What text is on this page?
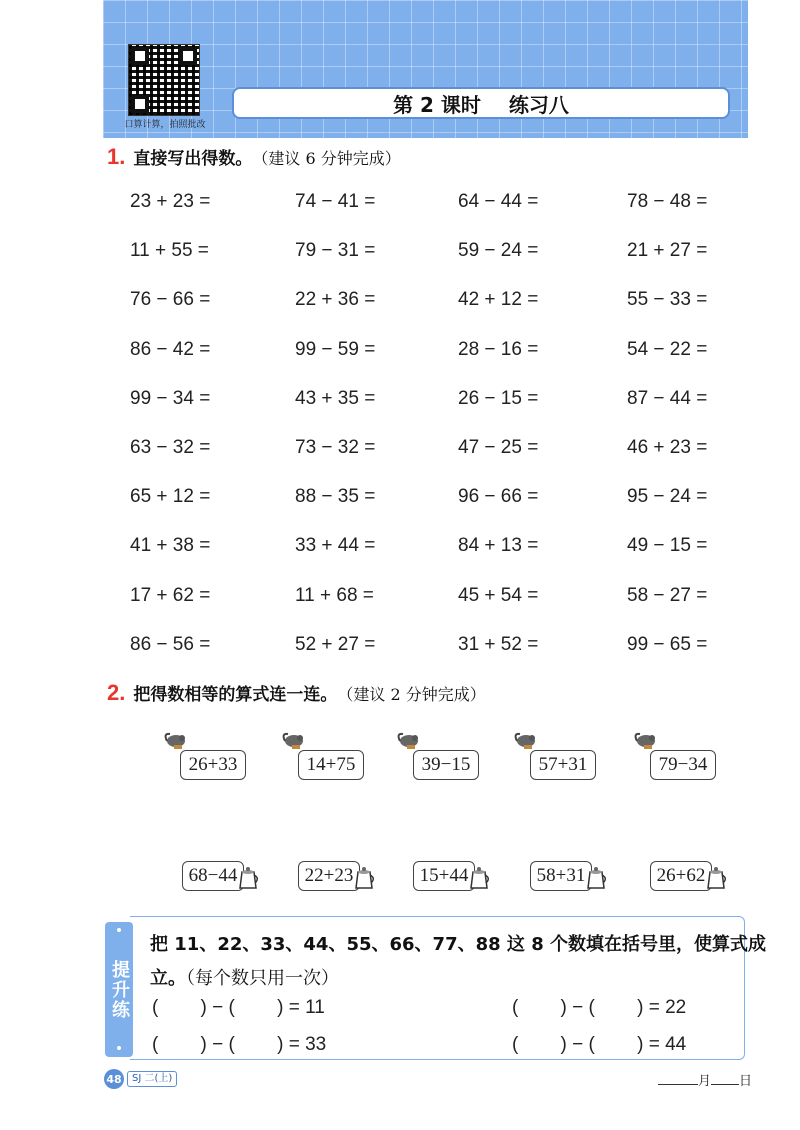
口算计算，拍照批改
第 2 课时 练习八
1. 直接写出得数。 （建议 6 分钟完成）
23 + 23 =	74 − 41 =	64 − 44 =	78 − 48 =
11 + 55 =	79 − 31 =	59 − 24 =	21 + 27 =
76 − 66 =	22 + 36 =	42 + 12 =	55 − 33 =
86 − 42 =	99 − 59 =	28 − 16 =	54 − 22 =
99 − 34 =	43 + 35 =	26 − 15 =	87 − 44 =
63 − 32 =	73 − 32 =	47 − 25 =	46 + 23 =
65 + 12 =	88 − 35 =	96 − 66 =	95 − 24 =
41 + 38 =	33 + 44 =	84 + 13 =	49 − 15 =
17 + 62 =	11 + 68 =	45 + 54 =	58 − 27 =
86 − 56 =	52 + 27 =	31 + 52 =	99 − 65 =
2. 把得数相等的算式连一连。 （建议 2 分钟完成）
26+33	14+75	39−15	57+31	79−34
68−44	22+23	15+44	58+31	26+62
提升练
把 11、22、33、44、55、66、77、88 这 8 个数填在括号里，使算式成
立。（每个数只用一次）
(        ) − (        ) = 11	(        ) − (        ) = 22
(        ) − (        ) = 33	(        ) − (        ) = 44
48	SJ 二(上)	月 日
